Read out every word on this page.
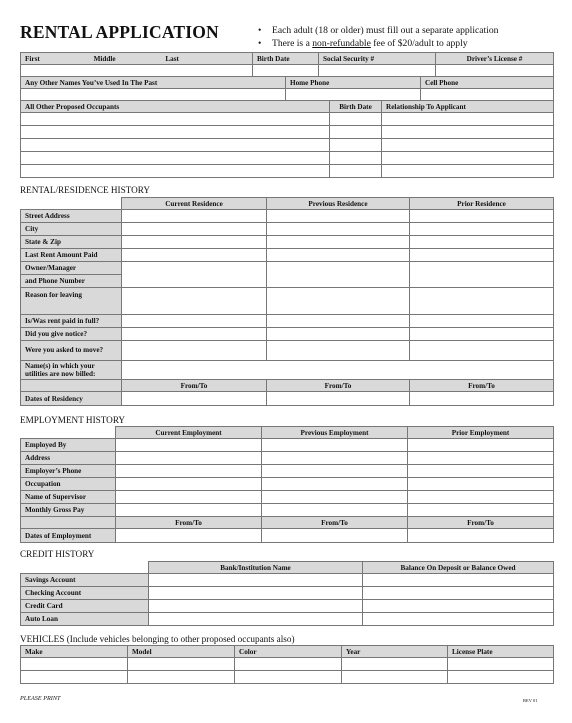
RENTAL APPLICATION	• Each adult (18 or older) must fill out a separate application
• There is a non-refundable fee of $20/adult to apply
First Middle Last	Birth Date	Social Security #	Driver’s License #

Any Other Names You’ve Used In The Past	Home Phone	Cell Phone

All Other Proposed Occupants	Birth Date	Relationship To Applicant

RENTAL/RESIDENCE HISTORY
	Current Residence	Previous Residence	Prior Residence
Street Address			
City			
State & Zip			
Last Rent Amount Paid			
Owner/Manager			
and Phone Number			
Reason for leaving			
Is/Was rent paid in full?			
Did you give notice?			
Were you asked to move?			
Name(s) in which your utilities are now billed:			
	From/To	From/To	From/To
Dates of Residency			
EMPLOYMENT HISTORY
	Current Employment	Previous Employment	Prior Employment
Employed By			
Address			
Employer’s Phone			
Occupation			
Name of Supervisor			
Monthly Gross Pay			
	From/To	From/To	From/To
Dates of Employment			
CREDIT HISTORY
	Bank/Institution Name	Balance On Deposit or Balance Owed
Savings Account		
Checking Account		
Credit Card		
Auto Loan		
VEHICLES (Include vehicles belonging to other proposed occupants also)
Make	Model	Color	Year	License Plate

PLEASE PRINT	REV 01
